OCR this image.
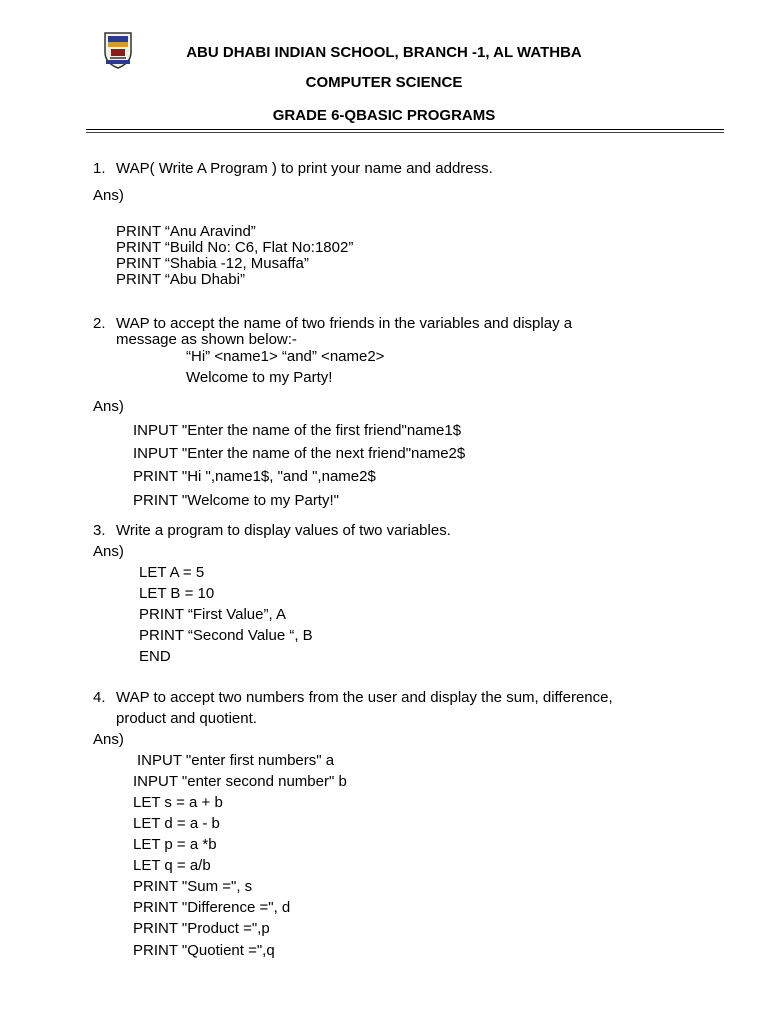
ABU DHABI INDIAN SCHOOL, BRANCH -1, AL WATHBA
COMPUTER SCIENCE
GRADE 6-QBASIC PROGRAMS
1. WAP( Write A Program ) to print your name and address.
Ans)
PRINT “Anu Aravind”
PRINT “Build No: C6, Flat No:1802”
PRINT “Shabia -12, Musaffa”
PRINT “Abu Dhabi”
2. WAP to accept the name of two friends in the variables and display a
message as shown below:-
“Hi” <name1> “and” <name2>
Welcome to my Party!
Ans)
INPUT "Enter the name of the first friend"name1$
INPUT "Enter the name of the next friend"name2$
PRINT "Hi ",name1$, "and ",name2$
PRINT "Welcome to my Party!"
3. Write a program to display values of two variables.
Ans)
LET A = 5
LET B = 10
PRINT “First Value”, A
PRINT “Second Value “, B
END
4. WAP to accept two numbers from the user and display the sum, difference,
product and quotient.
Ans)
INPUT "enter first numbers" a
INPUT "enter second number" b
LET s = a + b
LET d = a - b
LET p = a *b
LET q = a/b
PRINT "Sum =", s
PRINT "Difference =", d
PRINT "Product =",p
PRINT "Quotient =",q
